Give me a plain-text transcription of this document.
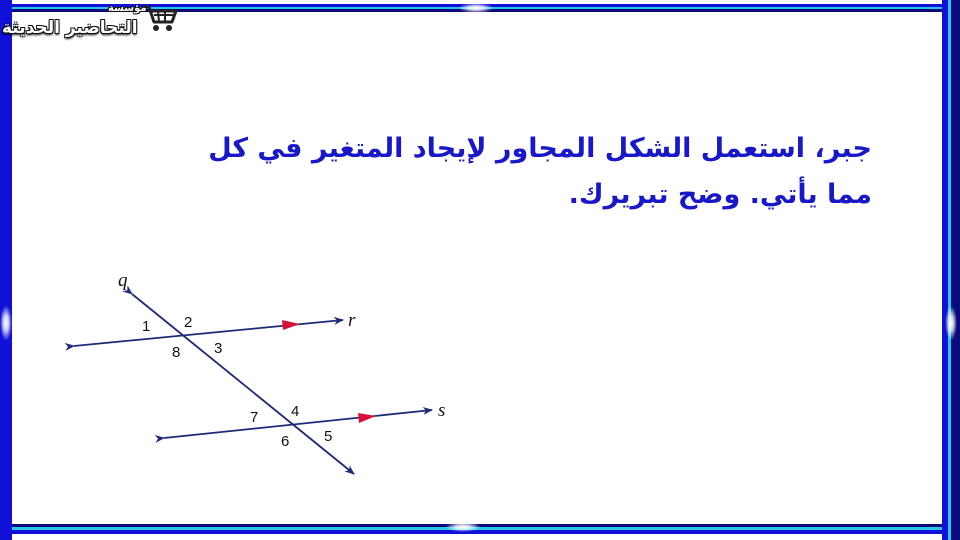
مؤسسة
التحاضير الحديثة
جبر، استعمل الشكل المجاور لإيجاد المتغير في كل
مما يأتي. وضح تبريرك.
q
r
s
1 2
3
8
7 4
5
6
